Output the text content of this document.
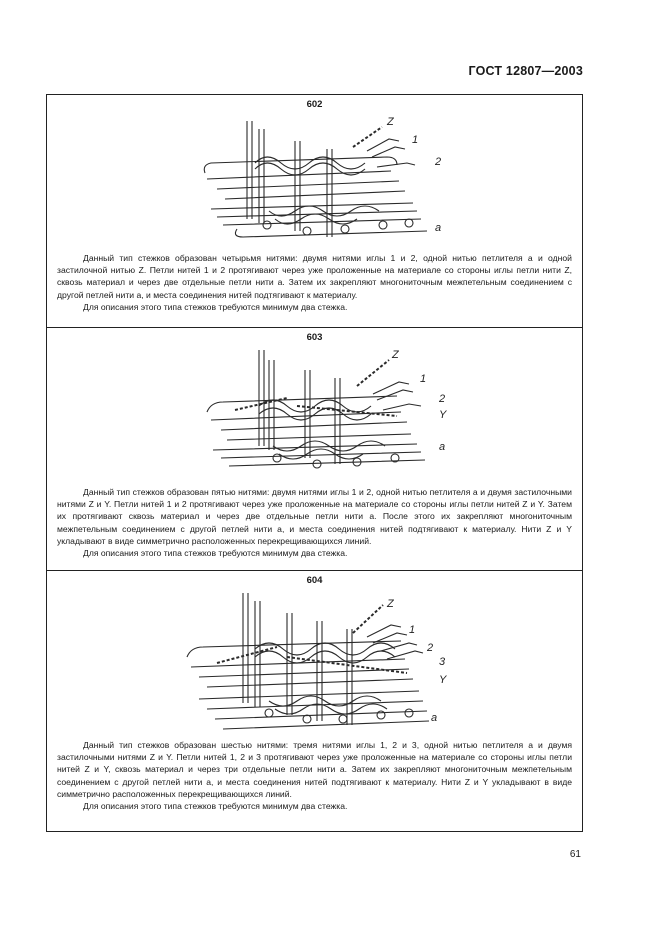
ГОСТ 12807—2003
602
Z
1
2
a

Данный тип стежков образован четырьмя нитями: двумя нитями иглы 1 и 2, одной нитью петлителя a и одной застилочной нитью Z. Петли нитей 1 и 2 протягивают через уже проложенные на материале со стороны иглы петли нити Z, сквозь материал и через две отдельные петли нити a. Затем их закрепляют многониточным межпетельным соединением с другой петлей нити a, и места соединения нитей подтягивают к материалу.

Для описания этого типа стежков требуются минимум два стежка.

603
Z
1
2
Y
a

Данный тип стежков образован пятью нитями: двумя нитями иглы 1 и 2, одной нитью петлителя a и двумя застилочными нитями Z и Y. Петли нитей 1 и 2 протягивают через уже проложенные на материале со стороны иглы петли нитей Z и Y. Затем их протягивают сквозь материал и через две отдельные петли нити a. После этого их закрепляют многониточным межпетельным соединением с другой петлей нити a, и места соединения нитей подтягивают к материалу. Нити Z и Y укладывают в виде симметрично расположенных перекрещивающихся линий.

Для описания этого типа стежков требуются минимум два стежка.

604
Z
1
2
3
Y
a

Данный тип стежков образован шестью нитями: тремя нитями иглы 1, 2 и 3, одной нитью петлителя a и двумя застилочными нитями Z и Y. Петли нитей 1, 2 и 3 протягивают через уже проложенные на материале со стороны иглы петли нитей Z и Y, сквозь материал и через три отдельные петли нити a. Затем их закрепляют многониточным межпетельным соединением с другой петлей нити a, и места соединения нитей подтягивают к материалу. Нити Z и Y укладывают в виде симметрично расположенных перекрещивающихся линий.

Для описания этого типа стежков требуются минимум два стежка.

61
